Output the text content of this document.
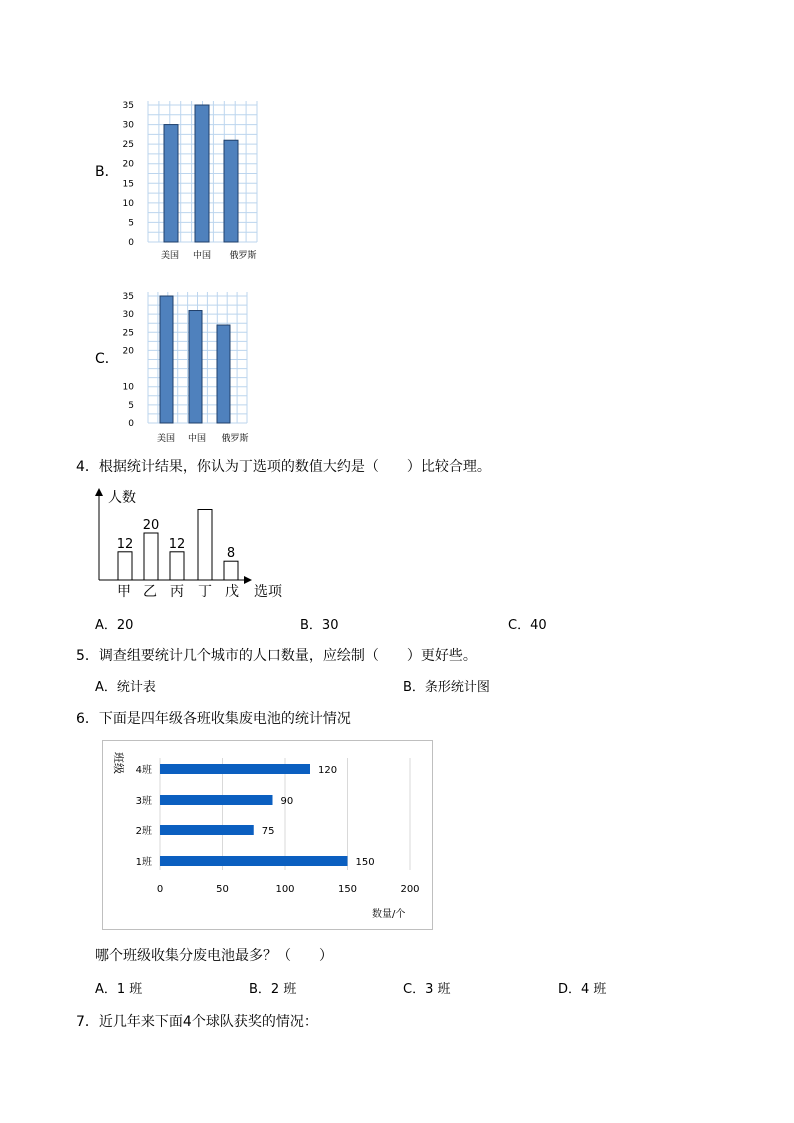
B．
0
5
10
15
20
25
30
35
美国 中国 俄罗斯
C．
0
5
10
20
25
30
35
美国 中国 俄罗斯
4．根据统计结果，你认为丁选项的数值大约是（　　）比较合理。
人数
选项
12
甲
20
乙
12
丙 丁
8
戊
A．20	B．30	C．40
5．调查组要统计几个城市的人口数量，应绘制（　　）更好些。
A．统计表	B．条形统计图
6．下面是四年级各班收集废电池的统计情况
班级
数量/个
120
90
75
150
0	50	100	150	200
4班
3班
2班
1班
哪个班级收集分废电池最多？（　　）
A．1 班	B．2 班	C．3 班	D．4 班
7．近几年来下面4个球队获奖的情况：
